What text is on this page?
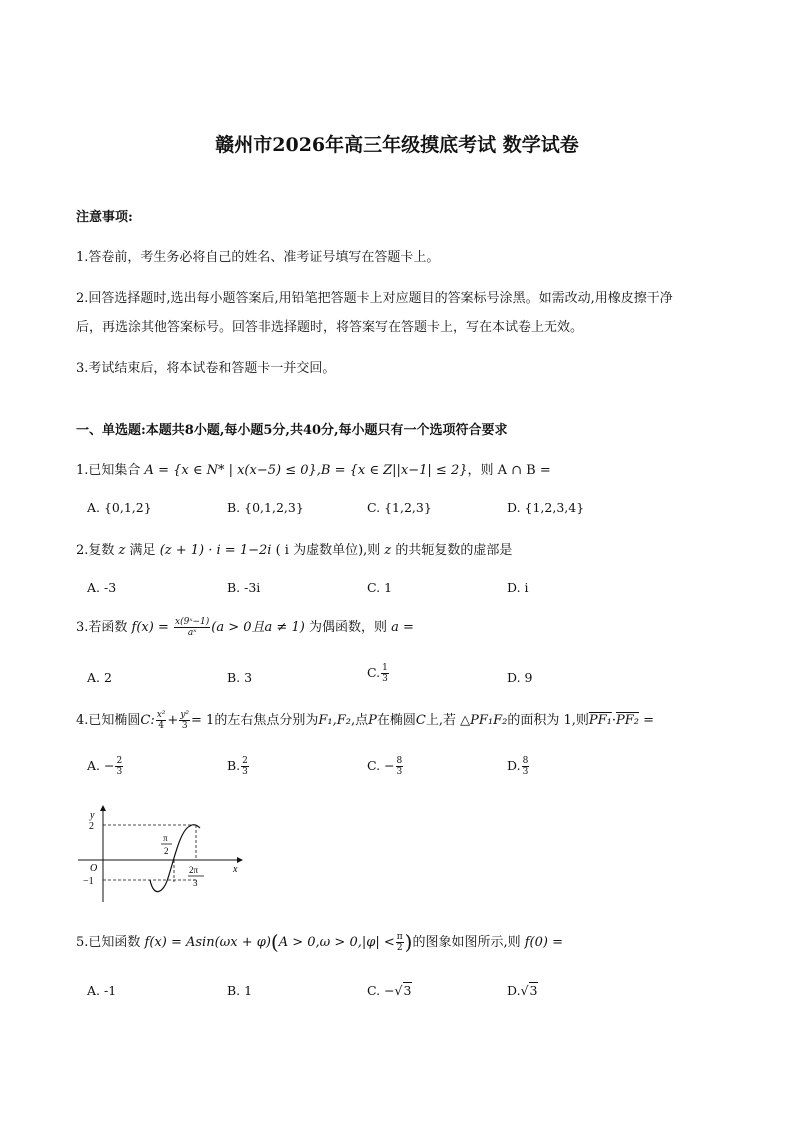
赣州市2026年高三年级摸底考试 数学试卷
注意事项:
1.答卷前，考生务必将自己的姓名、准考证号填写在答题卡上。
2.回答选择题时,选出每小题答案后,用铅笔把答题卡上对应题目的答案标号涂黑。如需改动,用橡皮擦干净
后，再选涂其他答案标号。回答非选择题时，将答案写在答题卡上，写在本试卷上无效。
3.考试结束后，将本试卷和答题卡一并交回。
一、单选题:本题共8小题,每小题5分,共40分,每小题只有一个选项符合要求
1.已知集合 A = {x ∈ N* | x(x−5) ≤ 0},B = {x ∈ Z||x−1| ≤ 2}，则 A ∩ B =
A. {0,1,2}	B. {0,1,2,3}	C. {1,2,3}	D. {1,2,3,4}
2.复数 z 满足 (z + 1) · i = 1−2i ( i 为虚数单位),则 z 的共轭复数的虚部是
A. -3	B. -3i	C. 1	D. i
3.若函数 $f(x) = \frac{\text{x(9ˣ−1)}}{\text{aˣ}} (a > 0$且a ≠ 1) 为偶函数，则 a =
A. 2	B. 3	C. $\frac{1}{3}$	D. 9
4.已知椭圆C: $\frac{\text{x²}}{4} + \frac{\text{y²}}{3} = 1$的左右焦点分别为F₁,F₂,点P在椭圆C上,若 △PF₁F₂的面积为 1,则PF₁·PF₂ =
A. − $\frac{2}{3}$	B. $\frac{2}{3}$	C. − $\frac{8}{3}$	D. $\frac{8}{3}$
y
x
O
2
−1
π
2
2π
3
5.已知函数 $f(x) = Asin(\omega x + \varphi)(A > 0,\omega > 0,|\varphi| < \frac{\pi}{2}$ )的图象如图所示,则 f(0) =
A. -1	B. 1	C. −√3	D.√3
